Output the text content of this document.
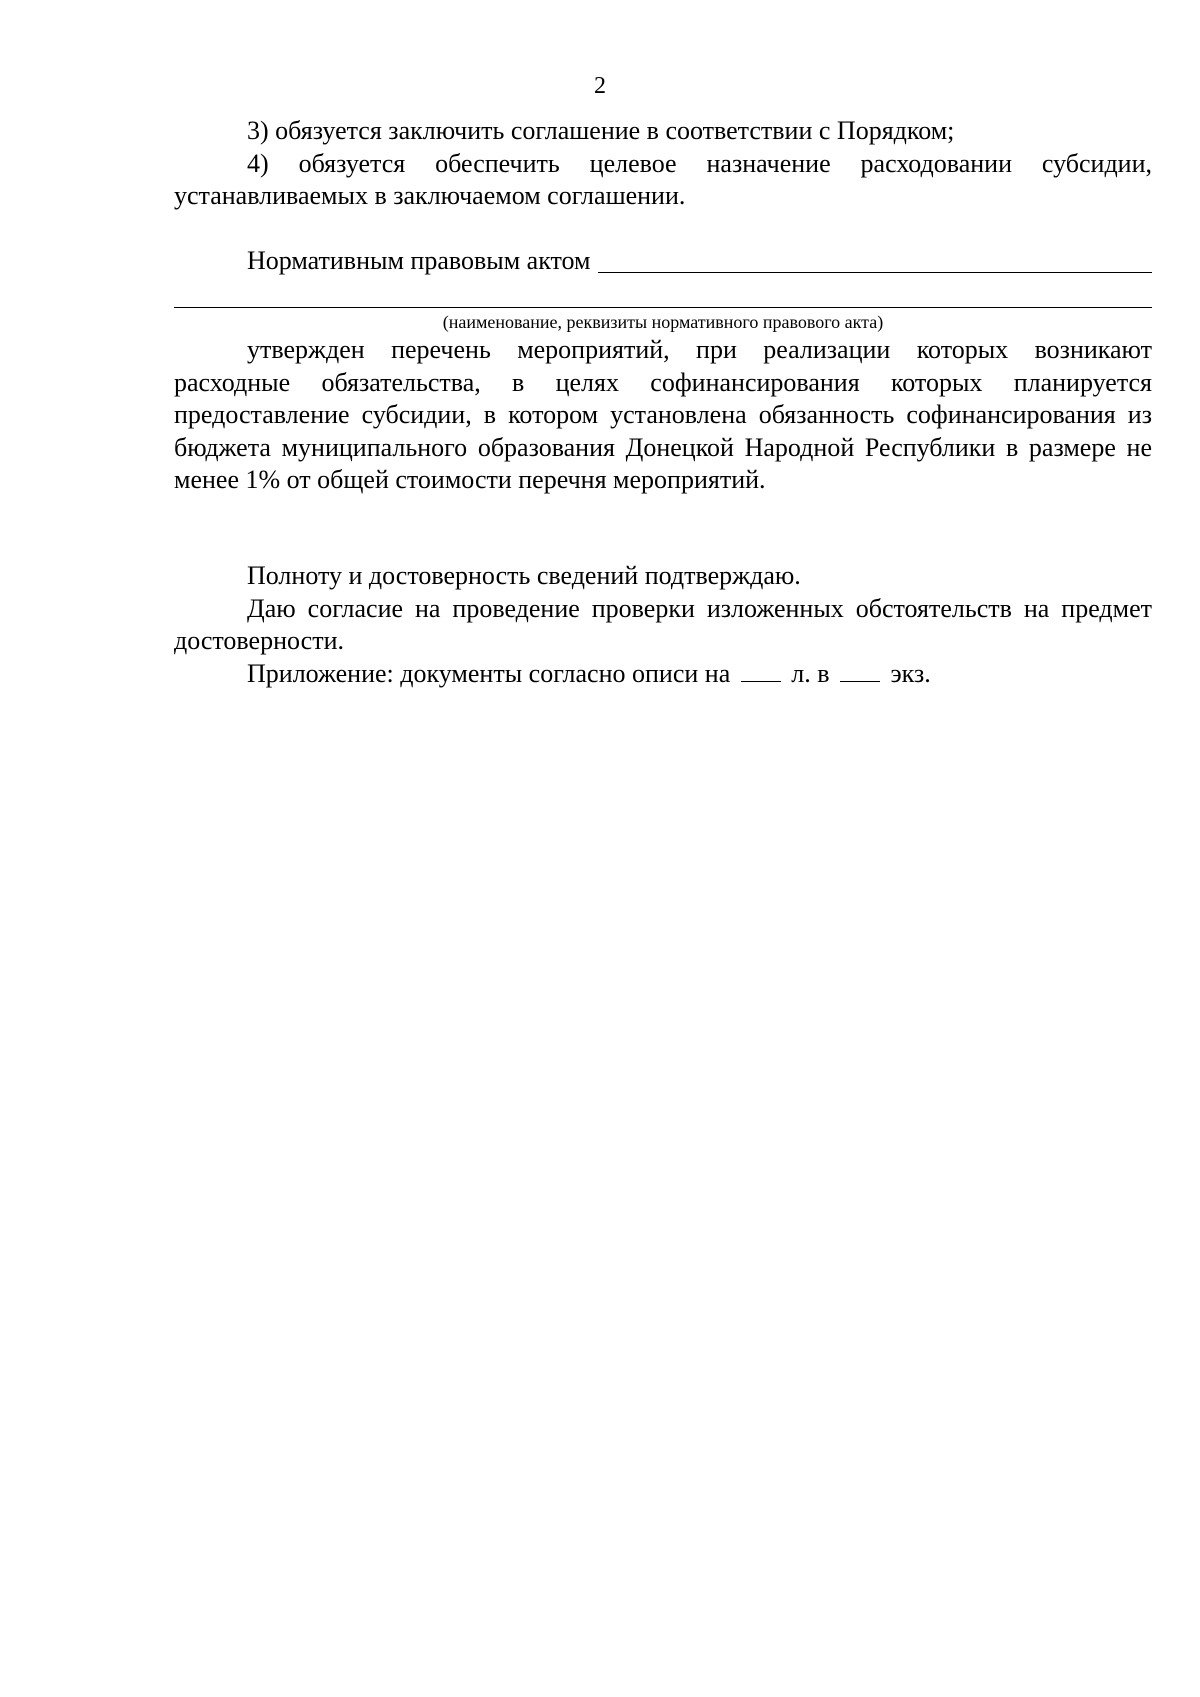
2

3) обязуется заключить соглашение в соответствии с Порядком;

4) обязуется обеспечить целевое назначение расходовании субсидии, устанавливаемых в заключаемом соглашении.

Нормативным правовым актом
(наименование, реквизиты нормативного правового акта)

утвержден перечень мероприятий, при реализации которых возникают расходные обязательства, в целях софинансирования которых планируется предоставление субсидии, в котором установлена обязанность софинансирования из бюджета муниципального образования Донецкой Народной Республики в размере не менее 1% от общей стоимости перечня мероприятий.

Полноту и достоверность сведений подтверждаю.

Даю согласие на проведение проверки изложенных обстоятельств на предмет достоверности.

Приложение: документы согласно описи на л. в экз.
